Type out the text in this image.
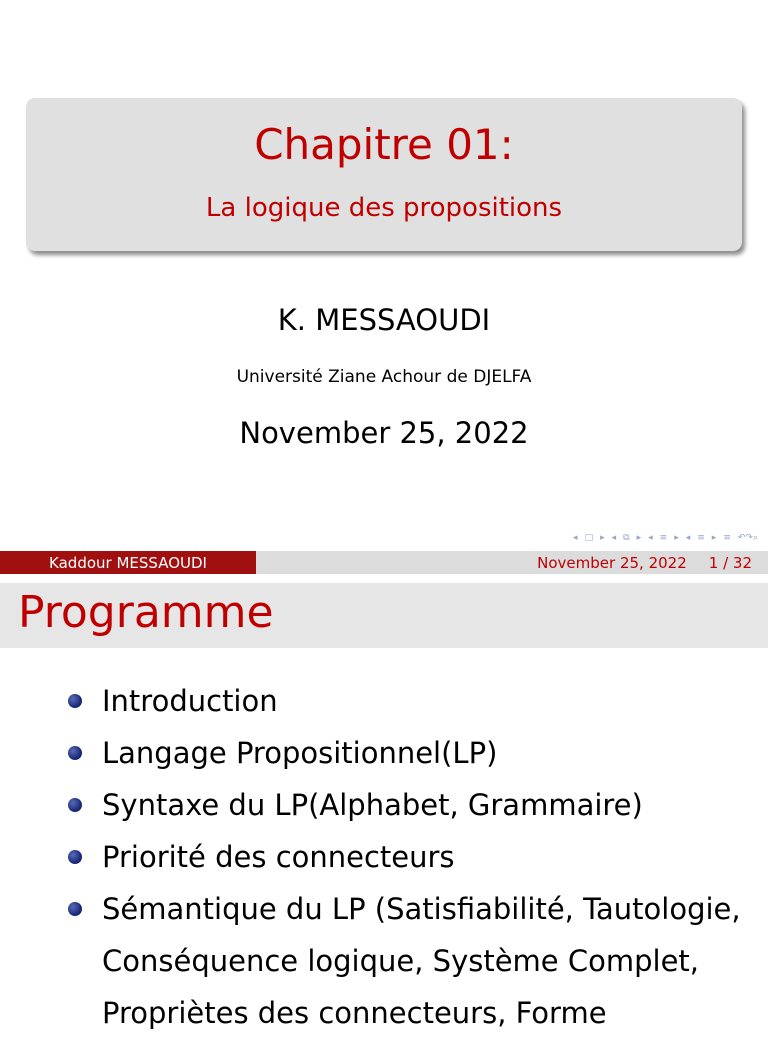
Chapitre 01:
La logique des propositions
K. MESSAOUDI
Université Ziane Achour de DJELFA
November 25, 2022
◂ □ ▸ ◂ ⧉ ▸ ◂ ≡ ▸ ◂ ≡ ▸ ≡ ↶↷⌕
Kaddour MESSAOUDI	November 25, 2022 1 / 32
Programme
Introduction
Langage Propositionnel(LP)
Syntaxe du LP(Alphabet, Grammaire)
Priorité des connecteurs
Sémantique du LP (Satisfiabilité, Tautologie, Conséquence logique, Système Complet, Propriètes des connecteurs, Forme
